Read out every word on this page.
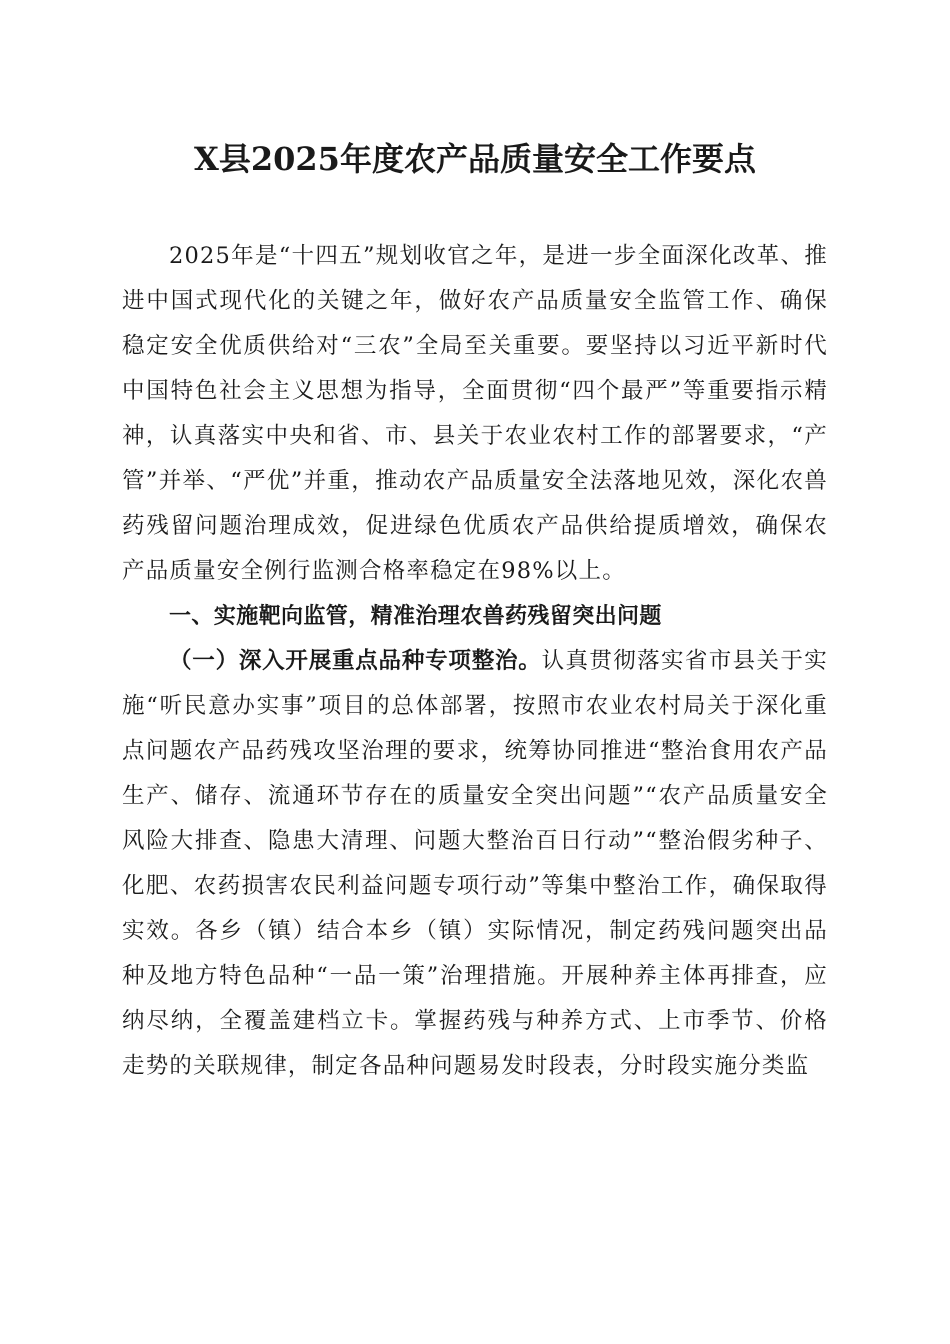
X县2025年度农产品质量安全工作要点

2025年是“十四五”规划收官之年，是进一步全面深化改革、推进中国式现代化的关键之年，做好农产品质量安全监管工作、确保稳定安全优质供给对“三农”全局至关重要。要坚持以习近平新时代中国特色社会主义思想为指导，全面贯彻“四个最严”等重要指示精神，认真落实中央和省、市、县关于农业农村工作的部署要求，“产管”并举、“严优”并重，推动农产品质量安全法落地见效，深化农兽药残留问题治理成效，促进绿色优质农产品供给提质增效，确保农产品质量安全例行监测合格率稳定在98%以上。

一、实施靶向监管，精准治理农兽药残留突出问题

（一）深入开展重点品种专项整治。认真贯彻落实省市县关于实施“听民意办实事”项目的总体部署，按照市农业农村局关于深化重点问题农产品药残攻坚治理的要求，统筹协同推进“整治食用农产品生产、储存、流通环节存在的质量安全突出问题”“农产品质量安全风险大排查、隐患大清理、问题大整治百日行动”“整治假劣种子、化肥、农药损害农民利益问题专项行动”等集中整治工作，确保取得实效。各乡（镇）结合本乡（镇）实际情况，制定药残问题突出品种及地方特色品种“一品一策”治理措施。开展种养主体再排查，应纳尽纳，全覆盖建档立卡。掌握药残与种养方式、上市季节、价格走势的关联规律，制定各品种问题易发时段表，分时段实施分类监
